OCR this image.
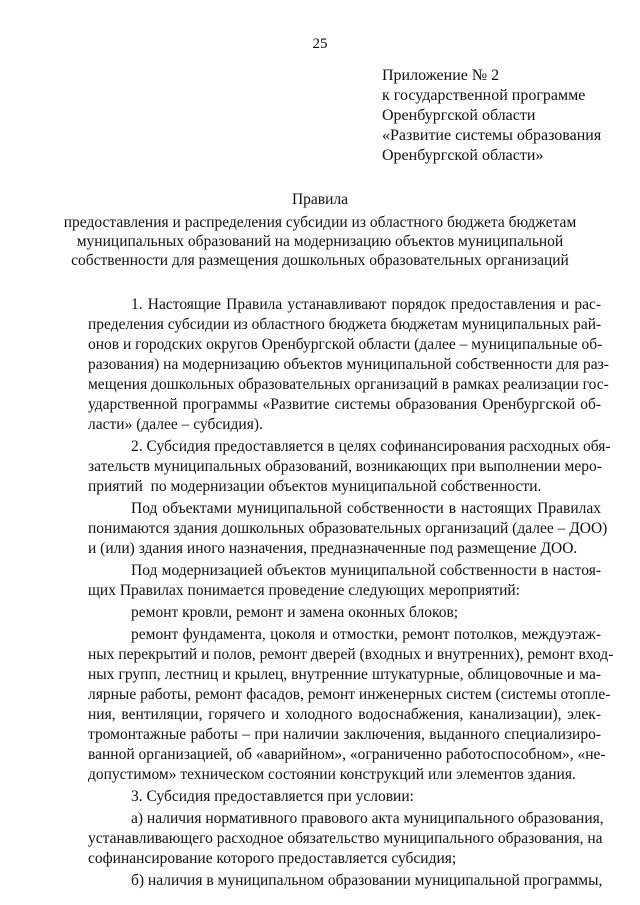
25
Приложение № 2
к государственной программе
Оренбургской области
«Развитие системы образования
Оренбургской области»
Правила
предоставления и распределения субсидии из областного бюджета бюджетам
муниципальных образований на модернизацию объектов муниципальной
собственности для размещения дошкольных образовательных организаций
1. Настоящие Правила устанавливают порядок предоставления и рас-
пределения субсидии из областного бюджета бюджетам муниципальных рай-
онов и городских округов Оренбургской области (далее – муниципальные об-
разования) на модернизацию объектов муниципальной собственности для раз-
мещения дошкольных образовательных организаций в рамках реализации гос-
ударственной программы «Развитие системы образования Оренбургской об-
ласти» (далее – субсидия).
2. Субсидия предоставляется в целях софинансирования расходных обя-
зательств муниципальных образований, возникающих при выполнении меро-
приятий  по модернизации объектов муниципальной собственности.
Под объектами муниципальной собственности в настоящих Правилах
понимаются здания дошкольных образовательных организаций (далее – ДОО)
и (или) здания иного назначения, предназначенные под размещение ДОО.
Под модернизацией объектов муниципальной собственности в настоя-
щих Правилах понимается проведение следующих мероприятий:
ремонт кровли, ремонт и замена оконных блоков;
ремонт фундамента, цоколя и отмостки, ремонт потолков, междуэтаж-
ных перекрытий и полов, ремонт дверей (входных и внутренних), ремонт вход-
ных групп, лестниц и крылец, внутренние штукатурные, облицовочные и ма-
лярные работы, ремонт фасадов, ремонт инженерных систем (системы отопле-
ния, вентиляции, горячего и холодного водоснабжения, канализации), элек-
тромонтажные работы – при наличии заключения, выданного специализиро-
ванной организацией, об «аварийном», «ограниченно работоспособном», «не-
допустимом» техническом состоянии конструкций или элементов здания.
3. Субсидия предоставляется при условии:
а) наличия нормативного правового акта муниципального образования,
устанавливающего расходное обязательство муниципального образования, на
софинансирование которого предоставляется субсидия;
б) наличия в муниципальном образовании муниципальной программы,
